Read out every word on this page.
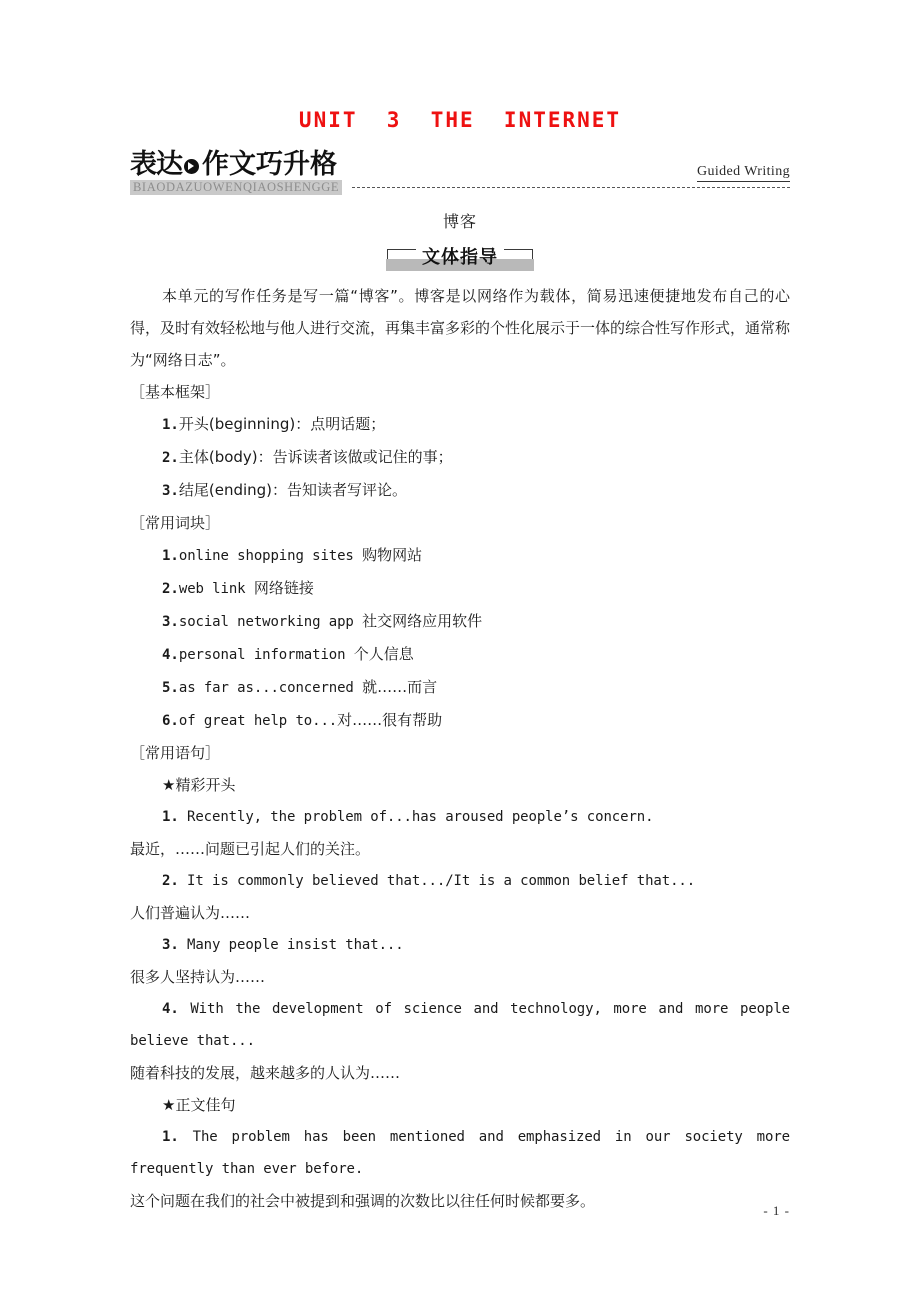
UNIT  3  THE  INTERNET
表达 作文巧升格
BIAODAZUOWENQIAOSHENGGE
Guided Writing
博客
文体指导

本单元的写作任务是写一篇“博客”。博客是以网络作为载体，简易迅速便捷地发布自己的心得，及时有效轻松地与他人进行交流，再集丰富多彩的个性化展示于一体的综合性写作形式，通常称为“网络日志”。

［基本框架］

1.开头(beginning)：点明话题；

2.主体(body)：告诉读者该做或记住的事；

3.结尾(ending)：告知读者写评论。

［常用词块］

1.online shopping sites 购物网站

2.web link 网络链接

3.social networking app 社交网络应用软件

4.personal information 个人信息

5.as far as...concerned 就……而言

6.of great help to...对……很有帮助

［常用语句］

★精彩开头

1. Recently, the problem of...has aroused people’s concern.

最近，……问题已引起人们的关注。

2. It is commonly believed that.../It is a common belief that...

人们普遍认为……

3. Many people insist that...

很多人坚持认为……

4. With the development of science and technology, more and more people believe that...

随着科技的发展，越来越多的人认为……

★正文佳句

1. The problem has been mentioned and emphasized in our society more frequently than ever before.

这个问题在我们的社会中被提到和强调的次数比以往任何时候都要多。

- 1 -
